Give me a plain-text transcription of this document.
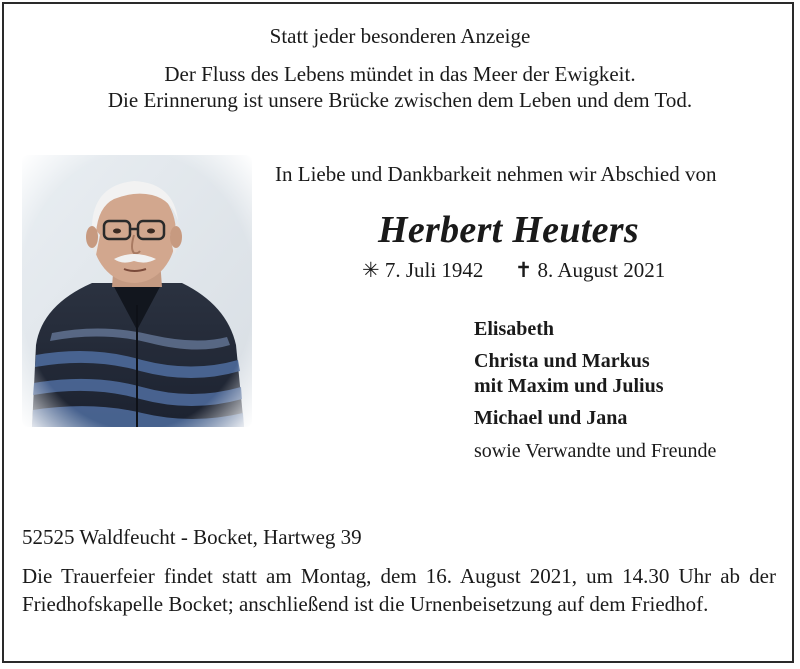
Statt jeder besonderen Anzeige
Der Fluss des Lebens mündet in das Meer der Ewigkeit.
Die Erinnerung ist unsere Brücke zwischen dem Leben und dem Tod.
In Liebe und Dankbarkeit nehmen wir Abschied von
Herbert Heuters
✳ 7. Juli 1942 ✝ 8. August 2021
Elisabeth
Christa und Markus
mit Maxim und Julius
Michael und Jana
sowie Verwandte und Freunde
52525 Waldfeucht - Bocket, Hartweg 39
Die Trauerfeier findet statt am Montag, dem 16. August 2021, um 14.30 Uhr ab der Friedhofskapelle Bocket; anschließend ist die Urnenbeisetzung auf dem Friedhof.
